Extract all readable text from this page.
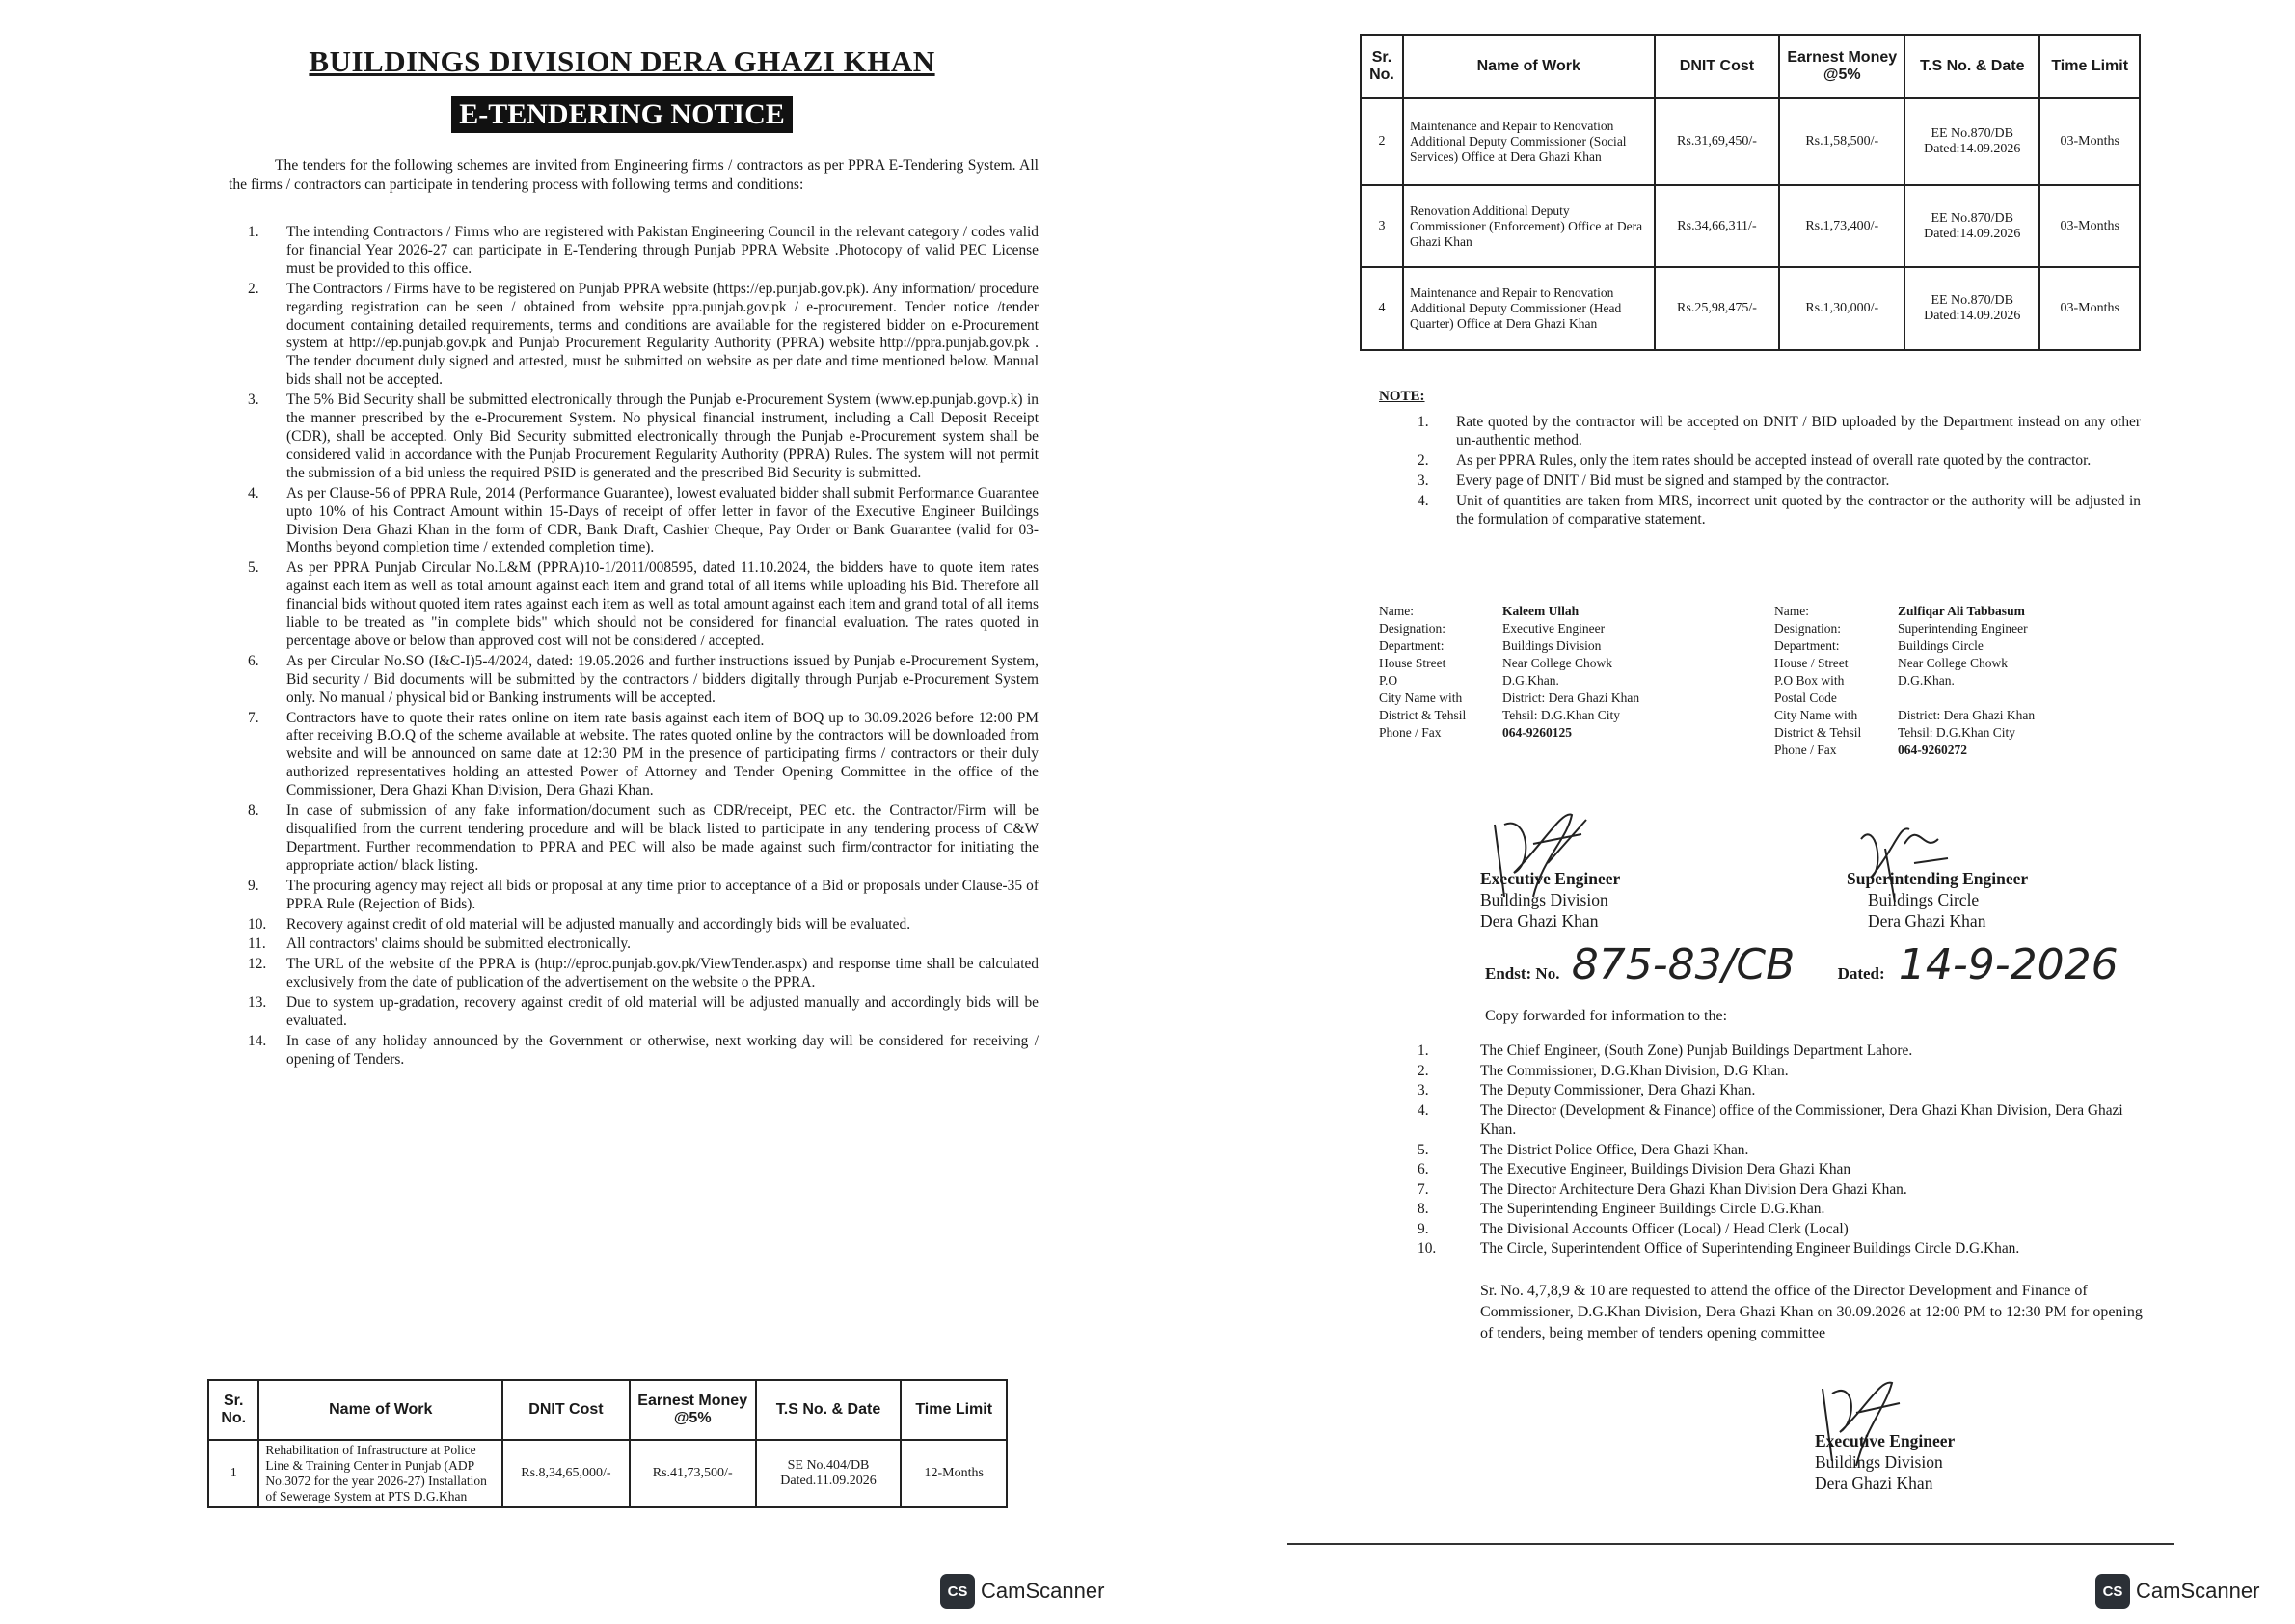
BUILDINGS DIVISION DERA GHAZI KHAN
E-TENDERING NOTICE
The tenders for the following schemes are invited from Engineering firms / contractors as per PPRA E-Tendering System. All the firms / contractors can participate in tendering process with following terms and conditions:
1.	The intending Contractors / Firms who are registered with Pakistan Engineering Council in the relevant category / codes valid for financial Year 2026-27 can participate in E-Tendering through Punjab PPRA Website .Photocopy of valid PEC License must be provided to this office.
2.	The Contractors / Firms have to be registered on Punjab PPRA website (https://ep.punjab.gov.pk). Any information/ procedure regarding registration can be seen / obtained from website ppra.punjab.gov.pk / e-procurement. Tender notice /tender document containing detailed requirements, terms and conditions are available for the registered bidder on e-Procurement system at http://ep.punjab.gov.pk and Punjab Procurement Regularity Authority (PPRA) website http://ppra.punjab.gov.pk . The tender document duly signed and attested, must be submitted on website as per date and time mentioned below. Manual bids shall not be accepted.
3.	The 5% Bid Security shall be submitted electronically through the Punjab e-Procurement System (www.ep.punjab.govp.k) in the manner prescribed by the e-Procurement System. No physical financial instrument, including a Call Deposit Receipt (CDR), shall be accepted. Only Bid Security submitted electronically through the Punjab e-Procurement system shall be considered valid in accordance with the Punjab Procurement Regularity Authority (PPRA) Rules. The system will not permit the submission of a bid unless the required PSID is generated and the prescribed Bid Security is submitted.
4.	As per Clause-56 of PPRA Rule, 2014 (Performance Guarantee), lowest evaluated bidder shall submit Performance Guarantee upto 10% of his Contract Amount within 15-Days of receipt of offer letter in favor of the Executive Engineer Buildings Division Dera Ghazi Khan in the form of CDR, Bank Draft, Cashier Cheque, Pay Order or Bank Guarantee (valid for 03-Months beyond completion time / extended completion time).
5.	As per PPRA Punjab Circular No.L&M (PPRA)10-1/2011/008595, dated 11.10.2024, the bidders have to quote item rates against each item as well as total amount against each item and grand total of all items while uploading his Bid. Therefore all financial bids without quoted item rates against each item as well as total amount against each item and grand total of all items liable to be treated as "in complete bids" which should not be considered for financial evaluation. The rates quoted in percentage above or below than approved cost will not be considered / accepted.
6.	As per Circular No.SO (I&C-I)5-4/2024, dated: 19.05.2026 and further instructions issued by Punjab e-Procurement System, Bid security / Bid documents will be submitted by the contractors / bidders digitally through Punjab e-Procurement System only. No manual / physical bid or Banking instruments will be accepted.
7.	Contractors have to quote their rates online on item rate basis against each item of BOQ up to 30.09.2026 before 12:00 PM after receiving B.O.Q of the scheme available at website. The rates quoted online by the contractors will be downloaded from website and will be announced on same date at 12:30 PM in the presence of participating firms / contractors or their duly authorized representatives holding an attested Power of Attorney and Tender Opening Committee in the office of the Commissioner, Dera Ghazi Khan Division, Dera Ghazi Khan.
8.	In case of submission of any fake information/document such as CDR/receipt, PEC etc. the Contractor/Firm will be disqualified from the current tendering procedure and will be black listed to participate in any tendering process of C&W Department. Further recommendation to PPRA and PEC will also be made against such firm/contractor for initiating the appropriate action/ black listing.
9.	The procuring agency may reject all bids or proposal at any time prior to acceptance of a Bid or proposals under Clause-35 of PPRA Rule (Rejection of Bids).
10.	Recovery against credit of old material will be adjusted manually and accordingly bids will be evaluated.
11.	All contractors' claims should be submitted electronically.
12.	The URL of the website of the PPRA is (http://eproc.punjab.gov.pk/ViewTender.aspx) and response time shall be calculated exclusively from the date of publication of the advertisement on the website o the PPRA.
13.	Due to system up-gradation, recovery against credit of old material will be adjusted manually and accordingly bids will be evaluated.
14.	In case of any holiday announced by the Government or otherwise, next working day will be considered for receiving / opening of Tenders.
Sr. No.	Name of Work	DNIT Cost	Earnest Money @5%	T.S No. & Date	Time Limit
1	Rehabilitation of Infrastructure at Police Line & Training Center in Punjab (ADP No.3072 for the year 2026-27) Installation of Sewerage System at PTS D.G.Khan	Rs.8,34,65,000/-	Rs.41,73,500/-	SE No.404/DB Dated.11.09.2026	12-Months
CS CamScanner
Sr. No.	Name of Work	DNIT Cost	Earnest Money @5%	T.S No. & Date	Time Limit
2	Maintenance and Repair to Renovation Additional Deputy Commissioner (Social Services) Office at Dera Ghazi Khan	Rs.31,69,450/-	Rs.1,58,500/-	EE No.870/DB Dated:14.09.2026	03-Months
3	Renovation Additional Deputy Commissioner (Enforcement) Office at Dera Ghazi Khan	Rs.34,66,311/-	Rs.1,73,400/-	EE No.870/DB Dated:14.09.2026	03-Months
4	Maintenance and Repair to Renovation Additional Deputy Commissioner (Head Quarter) Office at Dera Ghazi Khan	Rs.25,98,475/-	Rs.1,30,000/-	EE No.870/DB Dated:14.09.2026	03-Months
NOTE:
1.	Rate quoted by the contractor will be accepted on DNIT / BID uploaded by the Department instead on any other un-authentic method.
2.	As per PPRA Rules, only the item rates should be accepted instead of overall rate quoted by the contractor.
3.	Every page of DNIT / Bid must be signed and stamped by the contractor.
4.	Unit of quantities are taken from MRS, incorrect unit quoted by the contractor or the authority will be adjusted in the formulation of comparative statement.
Name:	Kaleem Ullah
Designation:	Executive Engineer
Department:	Buildings Division
House Street	Near College Chowk
P.O	D.G.Khan.
City Name with	District: Dera Ghazi Khan
District & Tehsil	Tehsil: D.G.Khan City
Phone / Fax	064-9260125
Name:	Zulfiqar Ali Tabbasum
Designation:	Superintending Engineer
Department:	Buildings Circle
House / Street	Near College Chowk
P.O Box with	D.G.Khan.
Postal Code
City Name with	District: Dera Ghazi Khan
District & Tehsil	Tehsil: D.G.Khan City
Phone / Fax	064-9260272
Executive Engineer
Buildings Division
Dera Ghazi Khan
Superintending Engineer
Buildings Circle
Dera Ghazi Khan
Endst: No. 875-83/CB	Dated: 14-9-2026
Copy forwarded for information to the:
1.	The Chief Engineer, (South Zone) Punjab Buildings Department Lahore.
2.	The Commissioner, D.G.Khan Division, D.G Khan.
3.	The Deputy Commissioner, Dera Ghazi Khan.
4.	The Director (Development & Finance) office of the Commissioner, Dera Ghazi Khan Division, Dera Ghazi Khan.
5.	The District Police Office, Dera Ghazi Khan.
6.	The Executive Engineer, Buildings Division Dera Ghazi Khan
7.	The Director Architecture Dera Ghazi Khan Division Dera Ghazi Khan.
8.	The Superintending Engineer Buildings Circle D.G.Khan.
9.	The Divisional Accounts Officer (Local) / Head Clerk (Local)
10.	The Circle, Superintendent Office of Superintending Engineer Buildings Circle D.G.Khan.
Sr. No. 4,7,8,9 & 10 are requested to attend the office of the Director Development and Finance of Commissioner, D.G.Khan Division, Dera Ghazi Khan on 30.09.2026 at 12:00 PM to 12:30 PM for opening of tenders, being member of tenders opening committee
Executive Engineer
Buildings Division
Dera Ghazi Khan
CS CamScanner
